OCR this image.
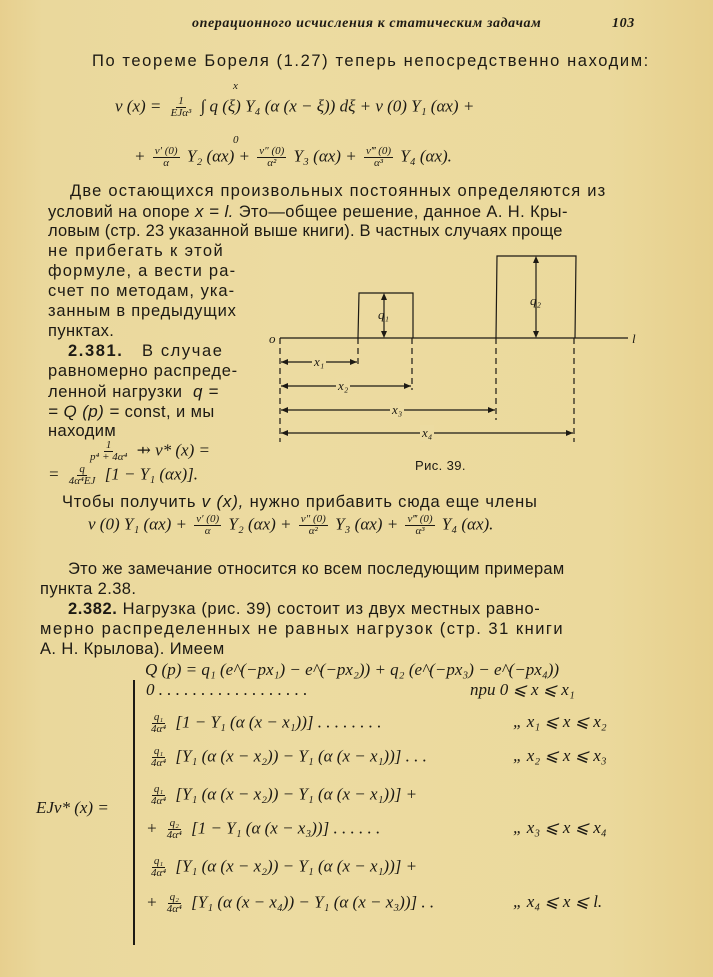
операционного исчисления к статическим задачам	103
По теореме Бореля (1.27) теперь непосредственно находим:
v $(x) = \frac{1}{\text{EJα³}}$ ∫ q (ξ) Y₄ (α (x − ξ)) dξ + v (0) Y₁ (αx) +
x
0
+ $\frac{v' (0)}{\alpha} Y_2$ $(\alpha x) + \frac{v'' (0)}{\text{α²}} Y_3$ $(\alpha x) + \frac{v‴ (0)}{\text{α³}} Y_4$ (αx).
Две остающихся произвольных постоянных определяются из
условий на опоре x = l. Это—общее решение, данное А. Н. Кры-
ловым (стр. 23 указанной выше книги). В частных случаях проще
не прибегать к этой
формуле, а вести ра-
счет по методам, ука-
занным в предыдущих
пунктах.
2.381. В случае
равномерно распреде-
ленной нагрузки q =
= Q (p) = const, и мы
находим
$\frac{1}{\text{p⁴ + 4α⁴}}$ ⇸ v* (x) =
= $\frac{q}{\text{4α⁴EJ}} [1 - Y_1$ (αx)].
o	l
q₁
q₂
x₁
x₂
x₃
x₄
Рис. 39.
Чтобы получить v (x), нужно прибавить сюда еще члены
v (0) Y₁ $(\alpha x) + \frac{v' (0)}{\alpha} Y_2$ $(\alpha x) + \frac{v'' (0)}{\text{α²}} Y_3$ $(\alpha x) + \frac{v‴ (0)}{\text{α³}} Y_4$ (αx).
Это же замечание относится ко всем последующим примерам
пункта 2.38.
2.382. Нагрузка (рис. 39) состоит из двух местных равно-
мерно распределенных не равных нагрузок (стр. 31 книги
А. Н. Крылова). Имеем
Q (p) = q₁ (e^(−px₁) − e^(−px₂)) + q₂ (e^(−px₃) − e^(−px₄))
EJv* (x) =
0 . . . . . . . . . . . . . . . . . .	при 0 ⩽ x ⩽ x₁
$\frac{\text{q₁}}{\text{4α⁴}} [1 - Y_1$ (α (x − x₁))] . . . . . . . .	„ x₁ ⩽ x ⩽ x₂
$\frac{\text{q₁}}{\text{4α⁴}} [Y_1$ (α (x − x₂)) − Y₁ (α (x − x₁))] . . .	„ x₂ ⩽ x ⩽ x₃
$\frac{\text{q₁}}{\text{4α⁴}} [Y_1$ (α (x − x₂)) − Y₁ (α (x − x₁))] +
+ $\frac{\text{q₂}}{\text{4α⁴}} [1 - Y_1$ (α (x − x₃))] . . . . . .	„ x₃ ⩽ x ⩽ x₄
$\frac{\text{q₁}}{\text{4α⁴}} [Y_1$ (α (x − x₂)) − Y₁ (α (x − x₁))] +
+ $\frac{\text{q₂}}{\text{4α⁴}} [Y_1$ (α (x − x₄)) − Y₁ (α (x − x₃))] . .	„ x₄ ⩽ x ⩽ l.
